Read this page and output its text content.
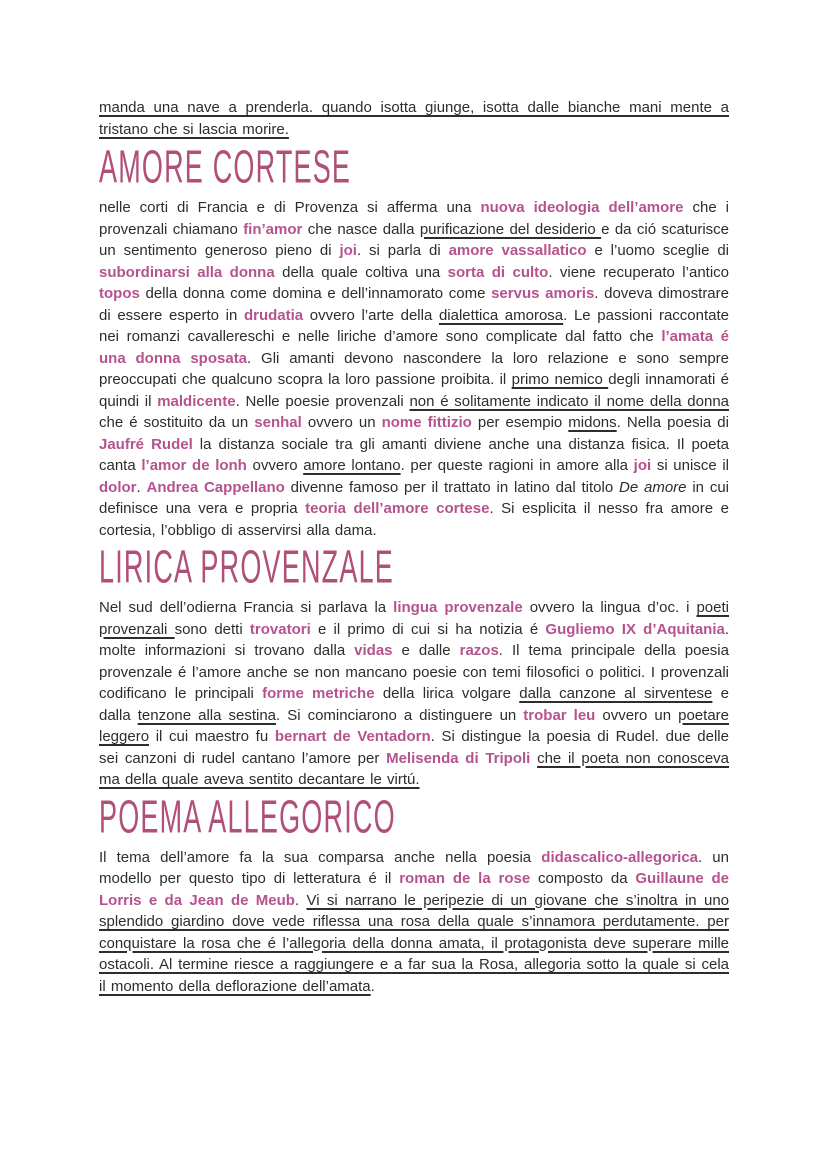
manda una nave a prenderla. quando isotta giunge, isotta dalle bianche mani mente a tristano che si lascia morire.

AMORE CORTESE

nelle corti di Francia e di Provenza si afferma una nuova ideologia dell’amore che i provenzali chiamano fin’amor che nasce dalla purificazione del desiderio e da ció scaturisce un sentimento generoso pieno di joi. si parla di amore vassallatico e l’uomo sceglie di subordinarsi alla donna della quale coltiva una sorta di culto. viene recuperato l’antico topos della donna come domina e dell’innamorato come servus amoris. doveva dimostrare di essere esperto in drudatia ovvero l’arte della dialettica amorosa. Le passioni raccontate nei romanzi cavallereschi e nelle liriche d’amore sono complicate dal fatto che l’amata é una donna sposata. Gli amanti devono nascondere la loro relazione e sono sempre preoccupati che qualcuno scopra la loro passione proibita. il primo nemico degli innamorati é quindi il maldicente. Nelle poesie provenzali non é solitamente indicato il nome della donna che é sostituito da un senhal ovvero un nome fittizio per esempio midons. Nella poesia di Jaufré Rudel la distanza sociale tra gli amanti diviene anche una distanza fisica. Il poeta canta l’amor de lonh ovvero amore lontano. per queste ragioni in amore alla joi si unisce il dolor. Andrea Cappellano divenne famoso per il trattato in latino dal titolo De amore in cui definisce una vera e propria teoria dell’amore cortese. Si esplicita il nesso fra amore e cortesia, l’obbligo di asservirsi alla dama.

LIRICA PROVENZALE

Nel sud dell’odierna Francia si parlava la lingua provenzale ovvero la lingua d’oc. i poeti provenzali sono detti trovatori e il primo di cui si ha notizia é Gugliemo IX d’Aquitania. molte informazioni si trovano dalla vidas e dalle razos. Il tema principale della poesia provenzale é l’amore anche se non mancano poesie con temi filosofici o politici. I provenzali codificano le principali forme metriche della lirica volgare dalla canzone al sirventese e dalla tenzone alla sestina. Si cominciarono a distinguere un trobar leu ovvero un poetare leggero il cui maestro fu bernart de Ventadorn. Si distingue la poesia di Rudel. due delle sei canzoni di rudel cantano l’amore per Melisenda di Tripoli che il poeta non conosceva ma della quale aveva sentito decantare le virtú.

POEMA ALLEGORICO

Il tema dell’amore fa la sua comparsa anche nella poesia didascalico-allegorica. un modello per questo tipo di letteratura é il roman de la rose composto da Guillaune de Lorris e da Jean de Meub. Vi si narrano le peripezie di un giovane che s’inoltra in uno splendido giardino dove vede riflessa una rosa della quale s’innamora perdutamente. per conquistare la rosa che é l’allegoria della donna amata, il protagonista deve superare mille ostacoli. Al termine riesce a raggiungere e a far sua la Rosa, allegoria sotto la quale si cela il momento della deflorazione dell’amata.
